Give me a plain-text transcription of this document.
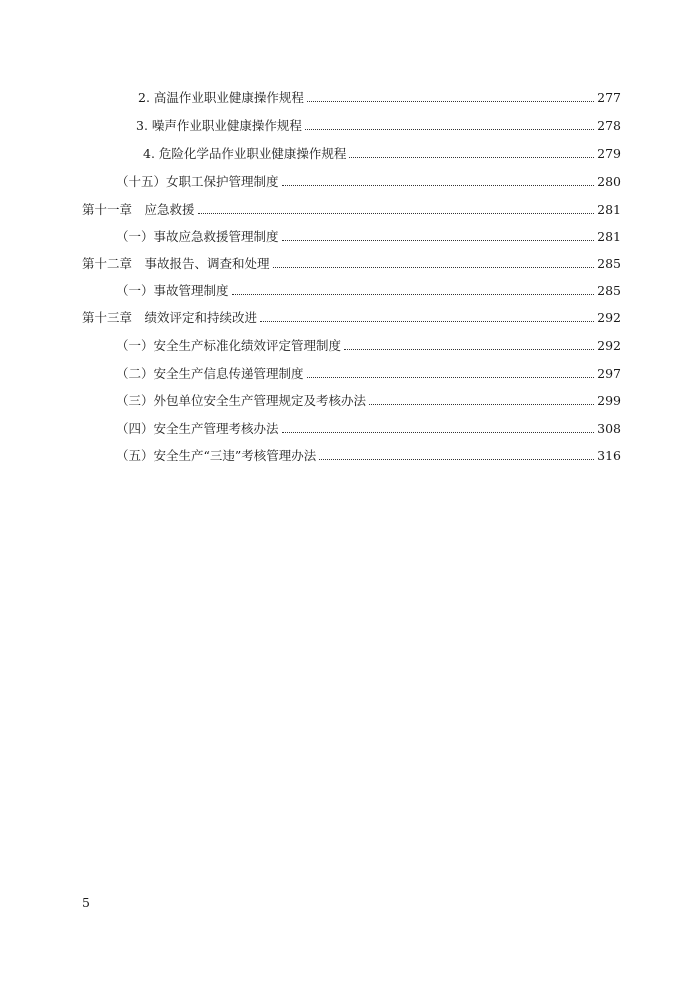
2. 高温作业职业健康操作规程	277
3. 噪声作业职业健康操作规程	278
4. 危险化学品作业职业健康操作规程	279
（十五）女职工保护管理制度	280
第十一章　应急救援	281
（一）事故应急救援管理制度	281
第十二章　事故报告、调查和处理	285
（一）事故管理制度	285
第十三章　绩效评定和持续改进	292
（一）安全生产标准化绩效评定管理制度	292
（二）安全生产信息传递管理制度	297
（三）外包单位安全生产管理规定及考核办法	299
（四）安全生产管理考核办法	308
（五）安全生产“三违”考核管理办法	316
5
